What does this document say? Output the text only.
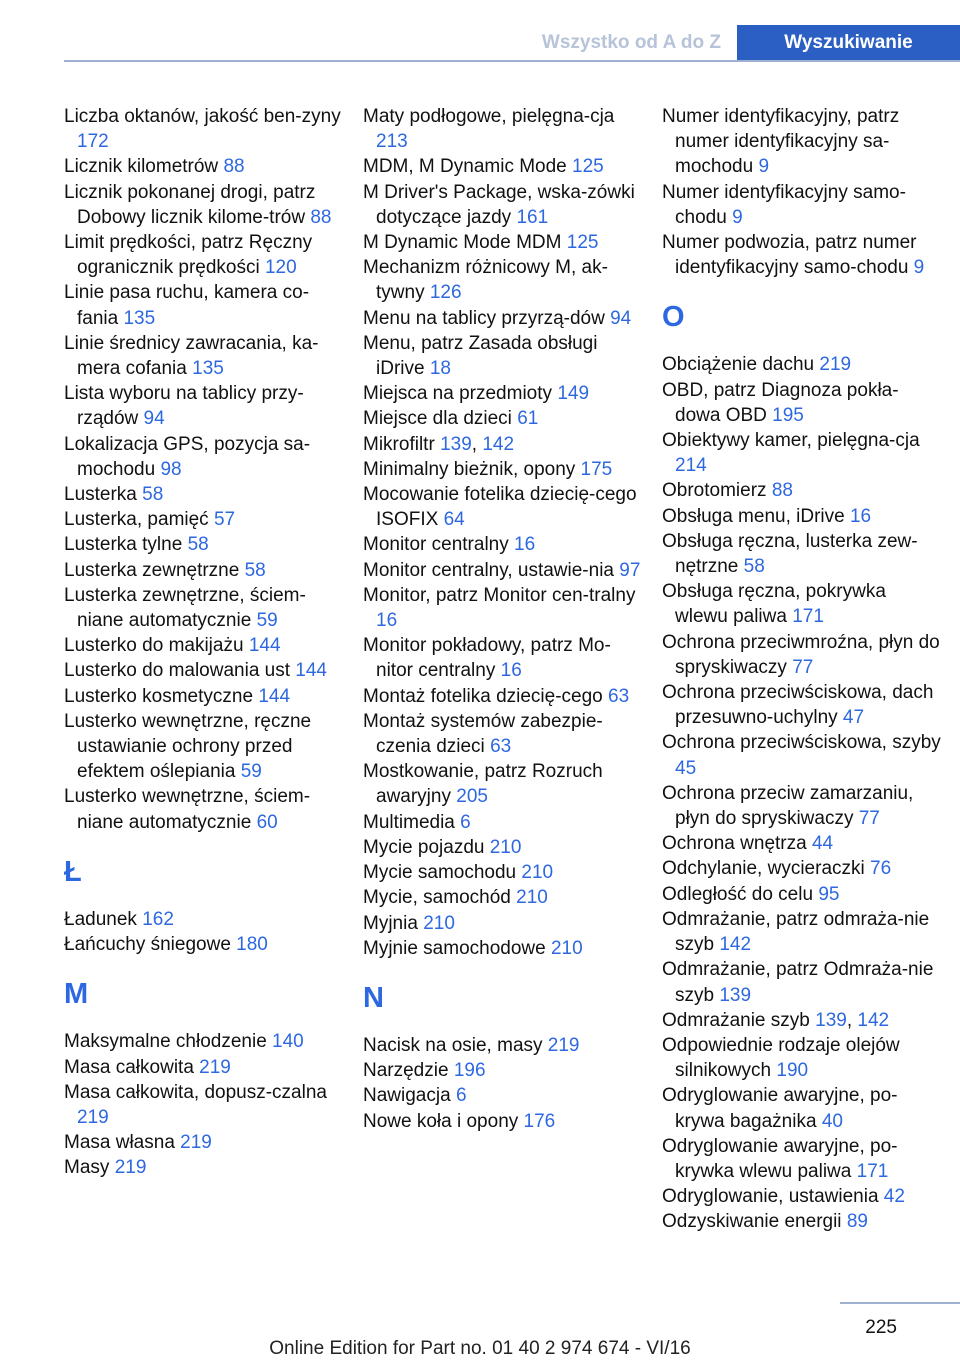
Wszystko od A do Z	Wyszukiwanie
Liczba oktanów, jakość ben-zyny 172
Licznik kilometrów 88
Licznik pokonanej drogi, patrz Dobowy licznik kilome-trów 88
Limit prędkości, patrz Ręczny ogranicznik prędkości 120
Linie pasa ruchu, kamera co-fania 135
Linie średnicy zawracania, ka-mera cofania 135
Lista wyboru na tablicy przy-rządów 94
Lokalizacja GPS, pozycja sa-mochodu 98
Lusterka 58
Lusterka, pamięć 57
Lusterka tylne 58
Lusterka zewnętrzne 58
Lusterka zewnętrzne, ściem-niane automatycznie 59
Lusterko do makijażu 144
Lusterko do malowania ust 144
Lusterko kosmetyczne 144
Lusterko wewnętrzne, ręczne ustawianie ochrony przed efektem oślepiania 59
Lusterko wewnętrzne, ściem-niane automatycznie 60
Ł
Ładunek 162
Łańcuchy śniegowe 180
M
Maksymalne chłodzenie 140
Masa całkowita 219
Masa całkowita, dopusz-czalna 219
Masa własna 219
Masy 219
Maty podłogowe, pielęgna-cja 213
MDM, M Dynamic Mode 125
M Driver's Package, wska-zówki dotyczące jazdy 161
M Dynamic Mode MDM 125
Mechanizm różnicowy M, ak-tywny 126
Menu na tablicy przyrzą-dów 94
Menu, patrz Zasada obsługi iDrive 18
Miejsca na przedmioty 149
Miejsce dla dzieci 61
Mikrofiltr 139, 142
Minimalny bieżnik, opony 175
Mocowanie fotelika dziecię-cego ISOFIX 64
Monitor centralny 16
Monitor centralny, ustawie-nia 97
Monitor, patrz Monitor cen-tralny 16
Monitor pokładowy, patrz Mo-nitor centralny 16
Montaż fotelika dziecię-cego 63
Montaż systemów zabezpie-czenia dzieci 63
Mostkowanie, patrz Rozruch awaryjny 205
Multimedia 6
Mycie pojazdu 210
Mycie samochodu 210
Mycie, samochód 210
Myjnia 210
Myjnie samochodowe 210
N
Nacisk na osie, masy 219
Narzędzie 196
Nawigacja 6
Nowe koła i opony 176
Numer identyfikacyjny, patrz numer identyfikacyjny sa-mochodu 9
Numer identyfikacyjny samo-chodu 9
Numer podwozia, patrz numer identyfikacyjny samo-chodu 9
O
Obciążenie dachu 219
OBD, patrz Diagnoza pokła-dowa OBD 195
Obiektywy kamer, pielęgna-cja 214
Obrotomierz 88
Obsługa menu, iDrive 16
Obsługa ręczna, lusterka zew-nętrzne 58
Obsługa ręczna, pokrywka wlewu paliwa 171
Ochrona przeciwmroźna, płyn do spryskiwaczy 77
Ochrona przeciwściskowa, dach przesuwno-uchylny 47
Ochrona przeciwściskowa, szyby 45
Ochrona przeciw zamarzaniu, płyn do spryskiwaczy 77
Ochrona wnętrza 44
Odchylanie, wycieraczki 76
Odległość do celu 95
Odmrażanie, patrz odmraża-nie szyb 142
Odmrażanie, patrz Odmraża-nie szyb 139
Odmrażanie szyb 139, 142
Odpowiednie rodzaje olejów silnikowych 190
Odryglowanie awaryjne, po-krywa bagażnika 40
Odryglowanie awaryjne, po-krywka wlewu paliwa 171
Odryglowanie, ustawienia 42
Odzyskiwanie energii 89
225
Online Edition for Part no. 01 40 2 974 674 - VI/16
